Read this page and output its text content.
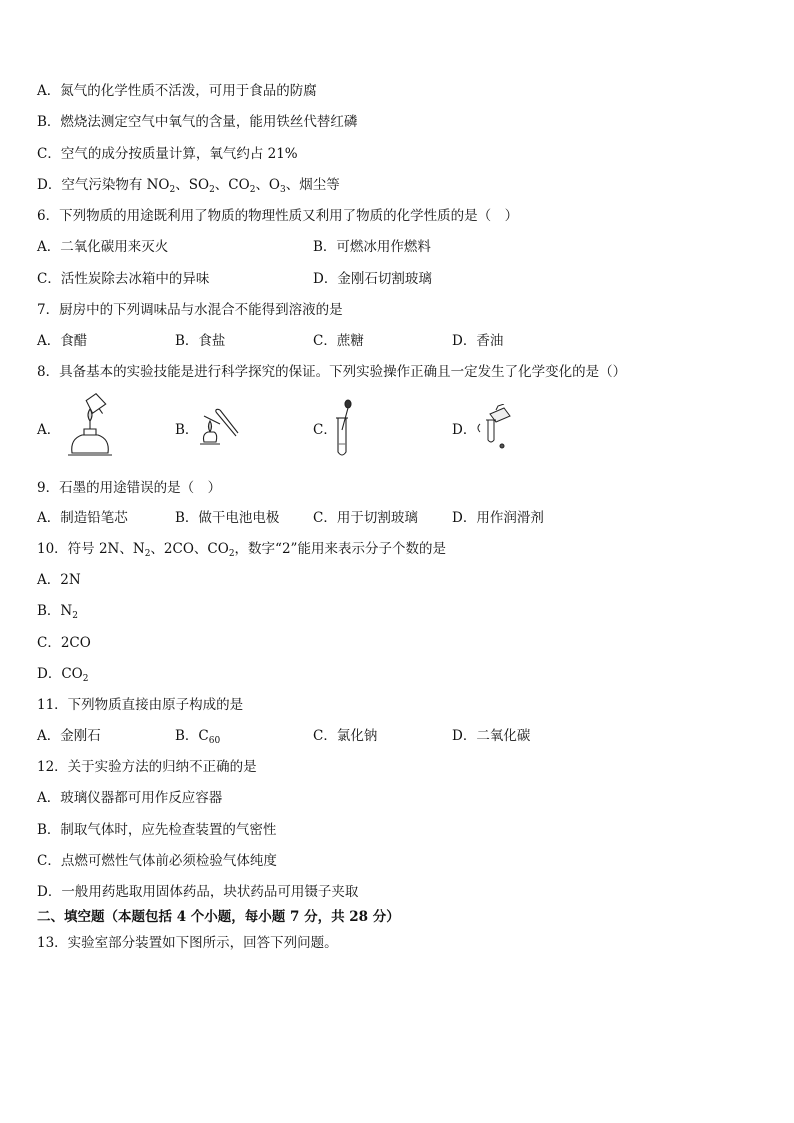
A．氮气的化学性质不活泼，可用于食品的防腐
B．燃烧法测定空气中氧气的含量，能用铁丝代替红磷
C．空气的成分按质量计算，氧气约占 21%
D．空气污染物有 $NO_2$、$SO_2$、$CO_2$、$O_3$、烟尘等
6．下列物质的用途既利用了物质的物理性质又利用了物质的化学性质的是（　）
A．二氧化碳用来灭火	B．可燃冰用作燃料
C．活性炭除去冰箱中的异味	D．金刚石切割玻璃
7．厨房中的下列调味品与水混合不能得到溶液的是
A．食醋	B．食盐	C．蔗糖	D．香油
8．具备基本的实验技能是进行科学探究的保证。下列实验操作正确且一定发生了化学变化的是（）
A．	B．	C．	D．
9．石墨的用途错误的是（　）
A．制造铅笔芯	B．做干电池电极 C．用于切割玻璃	D．用作润滑剂
10．符号 2N、$N_2$、2CO、$CO_2$，数字“2”能用来表示分子个数的是
A．2N
B．$N_2$
C．2CO
D．$CO_2$
11．下列物质直接由原子构成的是
A．金刚石	B．$C_{60}$	C．氯化钠	D．二氧化碳
12．关于实验方法的归纳不正确的是
A．玻璃仪器都可用作反应容器
B．制取气体时，应先检查装置的气密性
C．点燃可燃性气体前必须检验气体纯度
D．一般用药匙取用固体药品，块状药品可用镊子夹取
二、填空题（本题包括 4 个小题，每小题 7 分，共 28 分）
13．实验室部分装置如下图所示，回答下列问题。
